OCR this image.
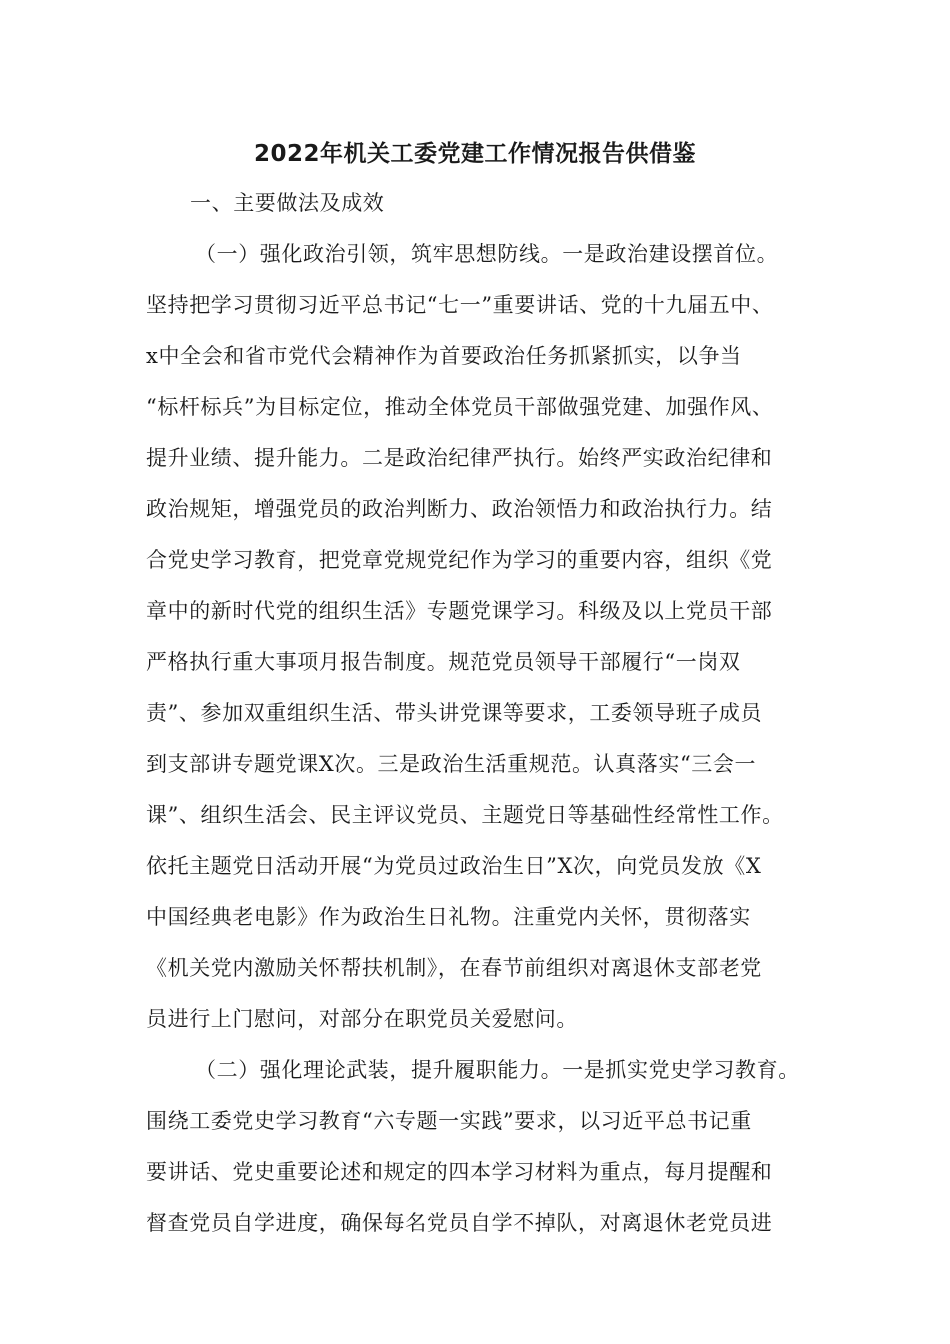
2022年机关工委党建工作情况报告供借鉴

一、主要做法及成效

（一）强化政治引领，筑牢思想防线。一是政治建设摆首位。

坚持把学习贯彻习近平总书记“七一”重要讲话、党的十九届五中、

x中全会和省市党代会精神作为首要政治任务抓紧抓实，以争当

“标杆标兵”为目标定位，推动全体党员干部做强党建、加强作风、

提升业绩、提升能力。二是政治纪律严执行。始终严实政治纪律和

政治规矩，增强党员的政治判断力、政治领悟力和政治执行力。结

合党史学习教育，把党章党规党纪作为学习的重要内容，组织《党

章中的新时代党的组织生活》专题党课学习。科级及以上党员干部

严格执行重大事项月报告制度。规范党员领导干部履行“一岗双

责”、参加双重组织生活、带头讲党课等要求，工委领导班子成员

到支部讲专题党课X次。三是政治生活重规范。认真落实“三会一

课”、组织生活会、民主评议党员、主题党日等基础性经常性工作。

依托主题党日活动开展“为党员过政治生日”X次，向党员发放《X

中国经典老电影》作为政治生日礼物。注重党内关怀，贯彻落实

《机关党内激励关怀帮扶机制》，在春节前组织对离退休支部老党

员进行上门慰问，对部分在职党员关爱慰问。

（二）强化理论武装，提升履职能力。一是抓实党史学习教育。

围绕工委党史学习教育“六专题一实践”要求，以习近平总书记重

要讲话、党史重要论述和规定的四本学习材料为重点，每月提醒和

督查党员自学进度，确保每名党员自学不掉队，对离退休老党员进
